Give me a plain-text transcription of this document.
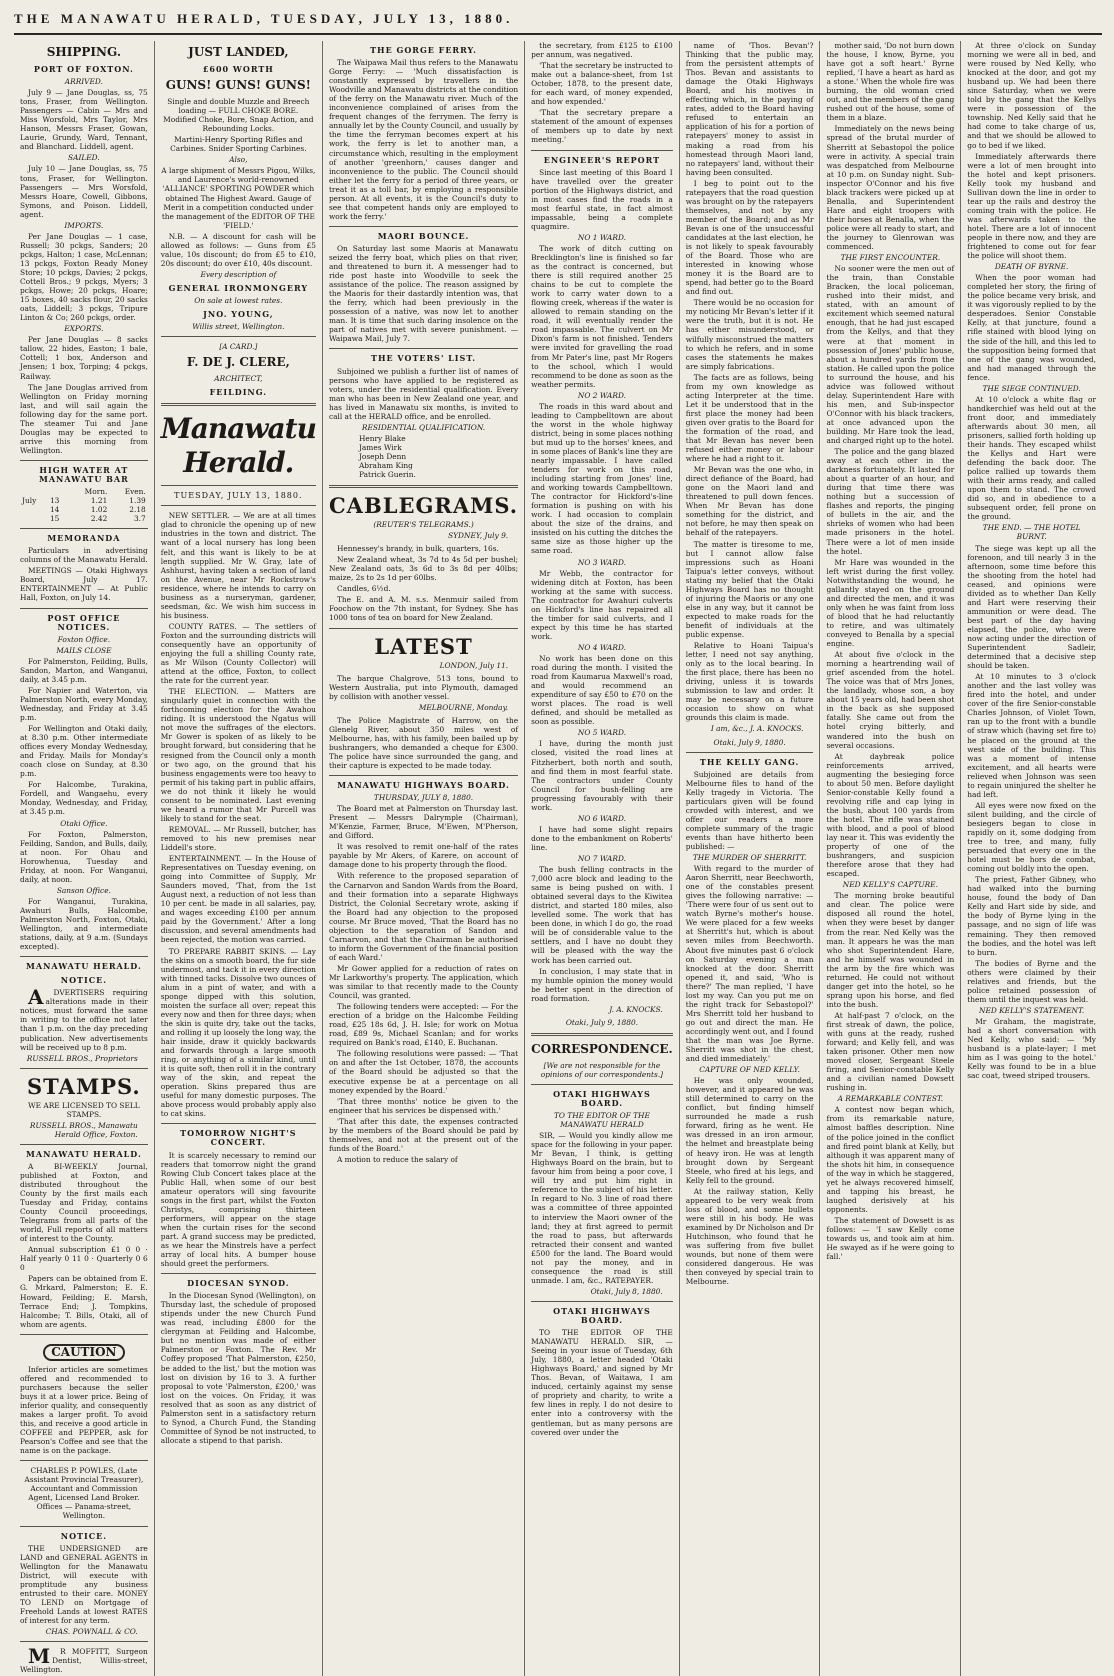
THE MANAWATU HERALD, TUESDAY, JULY 13, 1880.
SHIPPING.
PORT OF FOXTON.
ARRIVED.

July 9 — Jane Douglas, ss, 75 tons, Fraser, from Wellington. Passengers — Cabin — Mrs and Miss Worsfold, Mrs Taylor, Mrs Hanson, Messrs Fraser, Gowan, Laurie, Grundy, Ward, Tennant, and Blanchard. Liddell, agent.

SAILED.

July 10 — Jane Douglas, ss, 75 tons, Fraser, for Wellington. Passengers — Mrs Worsfold, Messrs Hoare, Cowell, Gibbons, Symons, and Poison. Liddell, agent.

IMPORTS.

Per Jane Douglas — 1 case, Russell; 30 pckgs, Sanders; 20 pckgs, Halton; 1 case, McLennan; 13 pckgs, Foxton Ready Money Store; 10 pckgs, Davies; 2 pckgs, Cottell Bros.; 9 pckgs, Myers; 3 pckgs, Howe; 20 pckgs, Hoare; 15 boxes, 40 sacks flour, 20 sacks oats, Liddell; 3 pckgs, Tripure Linton & Co; 260 pckgs, order.

EXPORTS.

Per Jane Douglas — 8 sacks tallow, 22 hides, Easton; 1 bale, Cottell; 1 box, Anderson and Jensen; 1 box, Torping; 4 pckgs, Railway.

The Jane Douglas arrived from Wellington on Friday morning last, and will sail again the following day for the same port. The steamer Tui and Jane Douglas may be expected to arrive this morning from Wellington.

HIGH WATER AT MANAWATU BAR
		Morn.	Even.
July	13	1.21	1.39
	14	1.02	2.18
	15	2.42	3.7
MEMORANDA

Particulars in advertising columns of the Manawatu Herald.

MEETINGS — Otaki Highways Board, July 17. ENTERTAINMENT — At Public Hall, Foxton, on July 14.

POST OFFICE NOTICES.
Foxton Office.
MAILS CLOSE

For Palmerston, Feilding, Bulls, Sandon, Marton, and Wanganui, daily, at 3.45 p.m.

For Napier and Waterton, via Palmerston North, every Monday, Wednesday, and Friday at 3.45 p.m.

For Wellington and Otaki daily, at 8.30 p.m. Other intermediate offices every Monday Wednesday, and Friday. Mails for Monday's coach close on Sunday, at 8.30 p.m.

For Halcombe, Turakina, Fordell, and Wangaehu, every Monday, Wednesday, and Friday, at 3.45 p.m.

Otaki Office.

For Foxton, Palmerston, Feilding, Sandon, and Bulls, daily, at noon. For Ohau and Horowhenua, Tuesday and Friday, at noon. For Wanganui, daily, at noon.

Sanson Office.

For Wanganui, Turakina, Awahuri Bulls, Halcombe, Palmerston North, Foxton, Otaki, Wellington, and intermediate stations, daily, at 9 a.m. (Sundays excepted).

MANAWATU HERALD.
NOTICE.

ADVERTISERS requiring alterations made in their notices, must forward the same in writing to the office not later than 1 p.m. on the day preceding publication. New advertisements will be received up to 8 p.m.

RUSSELL BROS., Proprietors
STAMPS.

WE ARE LICENSED TO SELL STAMPS.

RUSSELL BROS., Manawatu Herald Office, Foxton.
MANAWATU HERALD.

A BI-WEEKLY Journal, published at Foxton, and distributed throughout the County by the first mails each Tuesday and Friday, contains County Council proceedings, Telegrams from all parts of the world, Full reports of all matters of interest to the County.

Annual subscription £1 0 0 · Half yearly 0 11 0 · Quarterly 0 6 0

Papers can be obtained from E. G. Mrkard, Palmerston; E. E. Howard, Feilding; E. Marsh, Terrace End; J. Tompkins, Halcombe; T. Bills, Otaki, all of whom are agents.

CAUTION

Inferior articles are sometimes offered and recommended to purchasers because the seller buys it at a lower price. Being of inferior quality, and consequently makes a larger profit. To avoid this, and receive a good article in COFFEE and PEPPER, ask for Pearson's Coffee and see that the name is on the package.

CHARLES P. POWLES, (Late Assistant Provincial Treasurer), Accountant and Commission Agent, Licensed Land Broker. Offices — Panama-street, Wellington.

NOTICE.

THE UNDERSIGNED are LAND and GENERAL AGENTS in Wellington for the Manawatu District, will execute with promptitude any business entrusted to their care. MONEY TO LEND on Mortgage of Freehold Lands at lowest RATES of interest for any term.

CHAS. POWNALL & CO.

MR MOFFITT, Surgeon Dentist, Willis-street, Wellington.

JUST LANDED,
£600 WORTH
GUNS! GUNS! GUNS!

Single and double Muzzle and Breech loading — FULL CHOKE BORE. Modified Choke, Bore, Snap Action, and Rebounding Locks.

Martini-Henry Sporting Rifles and Carbines. Snider Sporting Carbines.

Also,

A large shipment of Messrs Pigou, Wilks, and Laurence's world-renowned 'ALLIANCE' SPORTING POWDER which obtained The Highest Award. Gauge of Merit in a competition conducted under the management of the EDITOR OF THE 'FIELD.'

N.B. — A discount for cash will be allowed as follows: — Guns from £5 value, 10s discount; do from £5 to £10, 20s discount; do over £10, 40s discount.

Every description of
GENERAL IRONMONGERY
On sale at lowest rates.
JNO. YOUNG,
Willis street, Wellington.
[A CARD.]
F. DE J. CLERE,
ARCHITECT,
FEILDING.
Manawatu Herald.
TUESDAY, JULY 13, 1880.

NEW SETTLER. — We are at all times glad to chronicle the opening up of new industries in the town and district. The want of a local nursery has long been felt, and this want is likely to be at length supplied. Mr W. Gray, late of Ashhurst, having taken a section of land on the Avenue, near Mr Rockstrow's residence, where he intends to carry on business as a nurseryman, gardener, seedsman, &c. We wish him success in his business.

COUNTY RATES. — The settlers of Foxton and the surrounding districts will consequently have an opportunity of enjoying the full a shilling County rate, as Mr Wilson (County Collector) will attend at the office, Foxton, to collect the rate for the current year.

THE ELECTION. — Matters are singularly quiet in connection with the forthcoming election for the Awahou riding. It is understood the Ngatus will not move the suffrages of the electors. Mr Gower is spoken of as likely to be brought forward, but considering that he resigned from the Council only a month or two ago, on the ground that his business engagements were too heavy to permit of his taking part in public affairs, we do not think it likely he would consent to be nominated. Last evening we heard a rumor that Mr Purcell was likely to stand for the seat.

REMOVAL. — Mr Russell, butcher, has removed to his new premises near Liddell's store.

ENTERTAINMENT. — In the House of Representatives on Tuesday evening, on going into Committee of Supply, Mr Saunders moved, 'That, from the 1st August next, a reduction of not less than 10 per cent. be made in all salaries, pay, and wages exceeding £100 per annum paid by the Government.' After a long discussion, and several amendments had been rejected, the motion was carried.

TO PREPARE RABBIT SKINS. — Lay the skins on a smooth board, the fur side undermost, and tack it in every direction with tinned tacks. Dissolve two ounces of alum in a pint of water, and with a sponge dipped with this solution, moisten the surface all over; repeat this every now and then for three days; when the skin is quite dry, take out the tacks, and rolling it up loosely the long way, the hair inside, draw it quickly backwards and forwards through a large smooth ring, or anything of a similar kind, until it is quite soft, then roll it in the contrary way of the skin, and repeat the operation. Skins prepared thus are useful for many domestic purposes. The above process would probably apply also to cat skins.

TOMORROW NIGHT'S CONCERT.

It is scarcely necessary to remind our readers that tomorrow night the grand Rowing Club Concert takes place at the Public Hall, when some of our best amateur operators will sing favourite songs in the first part, whilst the Foxton Christys, comprising thirteen performers, will appear on the stage when the curtain rises for the second part. A grand success may be predicted, as we hear the Minstrels have a perfect array of local hits. A bumper house should greet the performers.

DIOCESAN SYNOD.

In the Diocesan Synod (Wellington), on Thursday last, the schedule of proposed stipends under the new Church Fund was read, including £800 for the clergyman at Feilding and Halcombe, but no mention was made of either Palmerston or Foxton. The Rev. Mr Coffey proposed 'That Palmerston, £250, be added to the list,' but the motion was lost on division by 16 to 3. A further proposal to vote 'Palmerston, £200,' was lost on the voices. On Friday, it was resolved that as soon as any district of Palmerston sent in a satisfactory return to Synod, a Church Fund, the Standing Committee of Synod be not instructed, to allocate a stipend to that parish.

THE GORGE FERRY.

The Waipawa Mail thus refers to the Manawatu Gorge Ferry: — 'Much dissatisfaction is constantly expressed by travellers in the Woodville and Manawatu districts at the condition of the ferry on the Manawatu river. Much of the inconvenience complained of arises from the frequent changes of the ferrymen. The ferry is annually let by the County Council, and usually by the time the ferryman becomes expert at his work, the ferry is let to another man, a circumstance which, resulting in the employment of another 'greenhorn,' causes danger and inconvenience to the public. The Council should either let the ferry for a period of three years, or treat it as a toll bar, by employing a responsible person. At all events, it is the Council's duty to see that competent hands only are employed to work the ferry.'

MAORI BOUNCE.

On Saturday last some Maoris at Manawatu seized the ferry boat, which plies on that river, and threatened to burn it. A messenger had to ride post haste into Woodville to seek the assistance of the police. The reason assigned by the Maoris for their dastardly intention was, that the ferry, which had been previously in the possession of a native, was now let to another man. It is time that such daring insolence on the part of natives met with severe punishment. — Waipawa Mail, July 7.

THE VOTERS' LIST.

Subjoined we publish a further list of names of persons who have applied to be registered as voters, under the residential qualification. Every man who has been in New Zealand one year, and has lived in Manawatu six months, is invited to call at the HERALD office, and be enrolled.

RESIDENTIAL QUALIFICATION.
Henry Blake
James Wirk
Joseph Denn
Abraham King
Patrick Guerin.
CABLEGRAMS.
(REUTER'S TELEGRAMS.)
SYDNEY, July 9.

Hennessey's brandy, in bulk, quarters, 16s.

New Zealand wheat, 3s 7d to 4s 5d per bushel; New Zealand oats, 3s 6d to 3s 8d per 40lbs; maize, 2s to 2s 1d per 60lbs.

Candles, 6½d.

The E. and A. M. s.s. Menmuir sailed from Foochow on the 7th instant, for Sydney. She has 1000 tons of tea on board for New Zealand.

LATEST
LONDON, July 11.

The barque Chalgrove, 513 tons, bound to Western Australia, put into Plymouth, damaged by collision with another vessel.

MELBOURNE, Monday.

The Police Magistrate of Harrow, on the Glenelg River, about 350 miles west of Melbourne, has, with his family, been bailed up by bushrangers, who demanded a cheque for £300. The police have since surrounded the gang, and their capture is expected to be made today.

MANAWATU HIGHWAYS BOARD.
THURSDAY, JULY 8, 1880.

The Board met at Palmerston on Thursday last. Present — Messrs Dalrymple (Chairman), M'Kenzie, Farmer, Bruce, M'Ewen, M'Pherson, and Gifford.

It was resolved to remit one-half of the rates payable by Mr Akers, of Karere, on account of damage done to his property through the flood.

With reference to the proposed separation of the Carnarvon and Sandon Wards from the Board, and their formation into a separate Highways District, the Colonial Secretary wrote, asking if the Board had any objection to the proposed course. Mr Bruce moved, 'That the Board has no objection to the separation of Sandon and Carnarvon, and that the Chairman be authorised to inform the Government of the financial position of each Ward.'

Mr Gower applied for a reduction of rates on Mr Larkworthy's property. The application, which was similar to that recently made to the County Council, was granted.

The following tenders were accepted: — For the erection of a bridge on the Halcombe Feilding road, £25 18s 6d, J. H. Isle; for work on Motua road, £89 9s, Michael Scanlan; and for works required on Bank's road, £140, E. Buchanan.

The following resolutions were passed: — 'That on and after the 1st October, 1878, the accounts of the Board should be adjusted so that the executive expense be at a percentage on all money expended by the Board.'

'That three months' notice be given to the engineer that his services be dispensed with.'

'That after this date, the expenses contracted by the members of the Board should be paid by themselves, and not at the present out of the funds of the Board.'

A motion to reduce the salary of

the secretary, from £125 to £100 per annum, was negatived.

'That the secretary be instructed to make out a balance-sheet, from 1st October, 1878, to the present date, for each ward, of money expended, and how expended.'

'That the secretary prepare a statement of the amount of expenses of members up to date by next meeting.'

ENGINEER'S REPORT

Since last meeting of this Board I have travelled over the greater portion of the Highways district, and in most cases find the roads in a most fearful state, in fact almost impassable, being a complete quagmire.

NO 1 WARD.

The work of ditch cutting on Brecklington's line is finished so far as the contract is concerned, but there is still required another 25 chains to be cut to complete the work to carry water down to a flowing creek, whereas if the water is allowed to remain standing on the road, it will eventually render the road impassable. The culvert on Mr Dixon's farm is not finished. Tenders were invited for gravelling the road from Mr Pater's line, past Mr Rogers to the school, which I would recommend to be done as soon as the weather permits.

NO 2 WARD.

The roads in this ward about and leading to Campbelltown are about the worst in the whole highway district, being in some places nothing but mud up to the horses' knees, and in some places of Bank's line they are nearly impassable. I have called tenders for work on this road, including starting from Jones' line, and working towards Campbelltown. The contractor for Hickford's-line formation is pushing on with his work. I had occasion to complain about the size of the drains, and insisted on his cutting the ditches the same size as those higher up the same road.

NO 3 WARD.

Mr Webb, the contractor for widening ditch at Foxton, has been working at the same with success. The contractor for Awahuri culverts on Hickford's line has repaired all the timber for said culverts, and I expect by this time he has started work.

NO 4 WARD.

No work has been done on this road during the month. I visited the road from Kaumarua Maxwell's road, and would recommend an expenditure of say £50 to £70 on the worst places. The road is well defined, and should be metalled as soon as possible.

NO 5 WARD.

I have, during the month just closed, visited the road lines at Fitzherbert, both north and south, and find them in most fearful state. The contractors under County Council for bush-felling are progressing favourably with their work.

NO 6 WARD.

I have had some slight repairs done to the embankment on Roberts' line.

NO 7 WARD.

The bush felling contracts in the 7,000 acre block and leading to the same is being pushed on with. I obtained several days to the Kiwitea district, and started 180 miles, also levelled some. The work that has been done, in which I do go, the road will be of considerable value to the settlers, and I have no doubt they will be pleased with the way the work has been carried out.

In conclusion, I may state that in my humble opinion the money would be better spent in the direction of road formation.

J. A. KNOCKS.
Otaki, July 9, 1880.
CORRESPONDENCE.
[We are not responsible for the opinions of our correspondents.]
OTAKI HIGHWAYS BOARD.
TO THE EDITOR OF THE MANAWATU HERALD

SIR, — Would you kindly allow me space for the following in your paper. Mr Bevan, I think, is getting Highways Board on the brain, but to favour him from being a poor cove, I will try and put him right in reference to the subject of his letter. In regard to No. 3 line of road there was a committee of three appointed to interview the Maori owner of the land; they at first agreed to permit the road to pass, but afterwards retracted their consent and wanted £500 for the land. The Board would not pay the money, and in consequence the road is still unmade. I am, &c., RATEPAYER.

Otaki, July 8, 1880.
OTAKI HIGHWAYS BOARD.

TO THE EDITOR OF THE MANAWATU HERALD. SIR, — Seeing in your issue of Tuesday, 6th July, 1880, a letter headed 'Otaki Highways Board,' and signed by Mr Thos. Bevan, of Waitawa, I am induced, certainly against my sense of propriety and charity, to write a few lines in reply. I do not desire to enter into a controversy with the gentleman, but as many persons are covered over under the

name of 'Thos. Bevan'? Thinking that the public may, from the persistent attempts of Thos. Bevan and assistants to damage the Otaki Highways Board, and his motives in effecting which, in the paying of rates, added to the Board having refused to entertain an application of his for a portion of ratepayers' money to assist in making a road from his homestead through Maori land, no ratepayers' land, without their having been consulted.

I beg to point out to the ratepayers that the road question was brought on by the ratepayers themselves, and not by any member of the Board; and as Mr Bevan is one of the unsuccessful candidates at the last election, he is not likely to speak favourably of the Board. Those who are interested in knowing whose money it is the Board are to spend, had better go to the Board and find out.

There would be no occasion for my noticing Mr Bevan's letter if it were the truth, but it is not. He has either misunderstood, or wilfully misconstrued the matters to which he refers, and in some cases the statements he makes are simply fabrications.

The facts are as follows, being from my own knowledge as acting Interpreter at the time. Let it be understood that in the first place the money had been given over gratis to the Board for the formation of the road, and that Mr Bevan has never been refused either money or labour where he had a right to it.

Mr Bevan was the one who, in direct defiance of the Board, had gone on the Maori land and threatened to pull down fences. When Mr Bevan has done something for the district, and not before, he may then speak on behalf of the ratepayers.

The matter is tiresome to me, but I cannot allow false impressions such as Hoani Taipua's letter conveys, without stating my belief that the Otaki Highways Board has no thought of injuring the Maoris or any one else in any way, but it cannot be expected to make roads for the benefit of individuals at the public expense.

Relative to Hoani Taipua's letter, I need not say anything, only as to the local bearing. In the first place, there has been no driving, unless it is towards submission to law and order. It may be necessary on a future occasion to show on what grounds this claim is made.

I am, &c., J. A. KNOCKS.
Otaki, July 9, 1880.
THE KELLY GANG.

Subjoined are details from Melbourne files to hand of the Kelly tragedy in Victoria. The particulars given will be found crowded with interest, and we offer our readers a more complete summary of the tragic events than have hitherto been published: —

THE MURDER OF SHERRITT.

With regard to the murder of Aaron Sherritt, near Beechworth, one of the constables present gives the following narrative: — 'There were four of us sent out to watch Byrne's mother's house. We were placed for a few weeks at Sherritt's hut, which is about seven miles from Beechworth. About five minutes past 6 o'clock on Saturday evening a man knocked at the door. Sherritt opened it, and said, 'Who is there?' The man replied, 'I have lost my way. Can you put me on the right track for Sebastopol?' Mrs Sherritt told her husband to go out and direct the man. He accordingly went out, and I found that the man was Joe Byrne. Sherritt was shot in the chest, and died immediately.'

CAPTURE OF NED KELLY.

He was only wounded, however, and it appeared he was still determined to carry on the conflict, but finding himself surrounded he made a rush forward, firing as he went. He was dressed in an iron armour, the helmet and breastplate being of heavy iron. He was at length brought down by Sergeant Steele, who fired at his legs, and Kelly fell to the ground.

At the railway station, Kelly appeared to be very weak from loss of blood, and some bullets were still in his body. He was examined by Dr Nicholson and Dr Hutchinson, who found that he was suffering from five bullet wounds, but none of them were considered dangerous. He was then conveyed by special train to Melbourne.

mother said, 'Do not burn down the house, I know, Byrne, you have got a soft heart.' Byrne replied, 'I have a heart as hard as a stone.' When the whole fire was burning, the old woman cried out, and the members of the gang rushed out of the house, some of them in a blaze.

Immediately on the news being spread of the brutal murder of Sherritt at Sebastopol the police were in activity. A special train was despatched from Melbourne at 10 p.m. on Sunday night. Sub-inspector O'Connor and his five black trackers were picked up at Benalla, and Superintendent Hare and eight troopers with their horses at Benalla, when the police were all ready to start, and the journey to Glenrowan was commenced.

THE FIRST ENCOUNTER.

No sooner were the men out of the train, than Constable Bracken, the local policeman, rushed into their midst, and stated, with an amount of excitement which seemed natural enough, that he had just escaped from the Kellys, and that they were at that moment in possession of Jones' public house, about a hundred yards from the station. He called upon the police to surround the house, and his advice was followed without delay. Superintendent Hare with his men, and Sub-inspector O'Connor with his black trackers, at once advanced upon the building. Mr Hare took the lead, and charged right up to the hotel.

The police and the gang blazed away at each other in the darkness fortunately. It lasted for about a quarter of an hour, and during that time there was nothing but a succession of flashes and reports, the pinging of bullets in the air, and the shrieks of women who had been made prisoners in the hotel. There were a lot of men inside the hotel.

Mr Hare was wounded in the left wrist during the first volley. Notwithstanding the wound, he gallantly stayed on the ground and directed the men, and it was only when he was faint from loss of blood that he had reluctantly to retire, and was ultimately conveyed to Benalla by a special engine.

At about five o'clock in the morning a heartrending wail of grief ascended from the hotel. The voice was that of Mrs Jones, the landlady, whose son, a boy about 15 years old, had been shot in the back as she supposed fatally. She came out from the hotel crying bitterly, and wandered into the bush on several occasions.

At daybreak police reinforcements arrived, augmenting the besieging force to about 50 men. Before daylight Senior-constable Kelly found a revolving rifle and cap lying in the bush, about 100 yards from the hotel. The rifle was stained with blood, and a pool of blood lay near it. This was evidently the property of one of the bushrangers, and suspicion therefore arose that they had escaped.

NED KELLY'S CAPTURE.

The morning broke beautiful and clear. The police were disposed all round the hotel, when they were beset by danger from the rear. Ned Kelly was the man. It appears he was the man who shot Superintendent Hare, and he himself was wounded in the arm by the fire which was returned. He could not without danger get into the hotel, so he sprang upon his horse, and fled into the bush.

At half-past 7 o'clock, on the first streak of dawn, the police, with guns at the ready, rushed forward; and Kelly fell, and was taken prisoner. Other men now moved closer, Sergeant Steele firing, and Senior-constable Kelly and a civilian named Dowsett rushing in.

A REMARKABLE CONTEST.

A contest now began which, from its remarkable nature, almost baffles description. Nine of the police joined in the conflict and fired point blank at Kelly, but although it was apparent many of the shots hit him, in consequence of the way in which he staggered, yet he always recovered himself, and tapping his breast, he laughed derisively at his opponents.

The statement of Dowsett is as follows: — 'I saw Kelly come towards us, and took aim at him. He swayed as if he were going to fall.'

At three o'clock on Sunday morning we were all in bed, and were roused by Ned Kelly, who knocked at the door, and got my husband up. We had been there since Saturday, when we were told by the gang that the Kellys were in possession of the township. Ned Kelly said that he had come to take charge of us, and that we should be allowed to go to bed if we liked.

Immediately afterwards there were a lot of men brought into the hotel and kept prisoners. Kelly took my husband and Sullivan down the line in order to tear up the rails and destroy the coming train with the police. He was afterwards taken to the hotel. There are a lot of innocent people in there now, and they are frightened to come out for fear the police will shoot them.

DEATH OF BYRNE.

When the poor woman had completed her story, the firing of the police became very brisk, and it was vigorously replied to by the desperadoes. Senior Constable Kelly, at that juncture, found a rifle stained with blood lying on the side of the hill, and this led to the supposition being formed that one of the gang was wounded, and had managed through the fence.

THE SIEGE CONTINUED.

At 10 o'clock a white flag or handkerchief was held out at the front door, and immediately afterwards about 30 men, all prisoners, sallied forth holding up their hands. They escaped whilst the Kellys and Hart were defending the back door. The police rallied up towards them with their arms ready, and called upon them to stand. The crowd did so, and in obedience to a subsequent order, fell prone on the ground.

THE END. — THE HOTEL BURNT.

The siege was kept up all the forenoon, and till nearly 3 in the afternoon, some time before this the shooting from the hotel had ceased, and opinions were divided as to whether Dan Kelly and Hart were reserving their ammunition or were dead. The best part of the day having elapsed, the police, who were now acting under the direction of Superintendent Sadleir, determined that a decisive step should be taken.

At 10 minutes to 3 o'clock another and the last volley was fired into the hotel, and under cover of the fire Senior-constable Charles Johnson, of Violet Town, ran up to the front with a bundle of straw which (having set fire to) he placed on the ground at the west side of the building. This was a moment of intense excitement, and all hearts were relieved when Johnson was seen to regain uninjured the shelter he had left.

All eyes were now fixed on the silent building, and the circle of besiegers began to close in rapidly on it, some dodging from tree to tree, and many, fully persuaded that every one in the hotel must be hors de combat, coming out boldly into the open.

The priest, Father Gibney, who had walked into the burning house, found the body of Dan Kelly and Hart side by side, and the body of Byrne lying in the passage, and no sign of life was remaining. They then removed the bodies, and the hotel was left to burn.

The bodies of Byrne and the others were claimed by their relatives and friends, but the police retained possession of them until the inquest was held.

NED KELLY'S STATEMENT.

Mr Graham, the magistrate, had a short conversation with Ned Kelly, who said: — 'My husband is a plate-layer; I met him as I was going to the hotel.' Kelly was found to be in a blue sac coat, tweed striped trousers.
